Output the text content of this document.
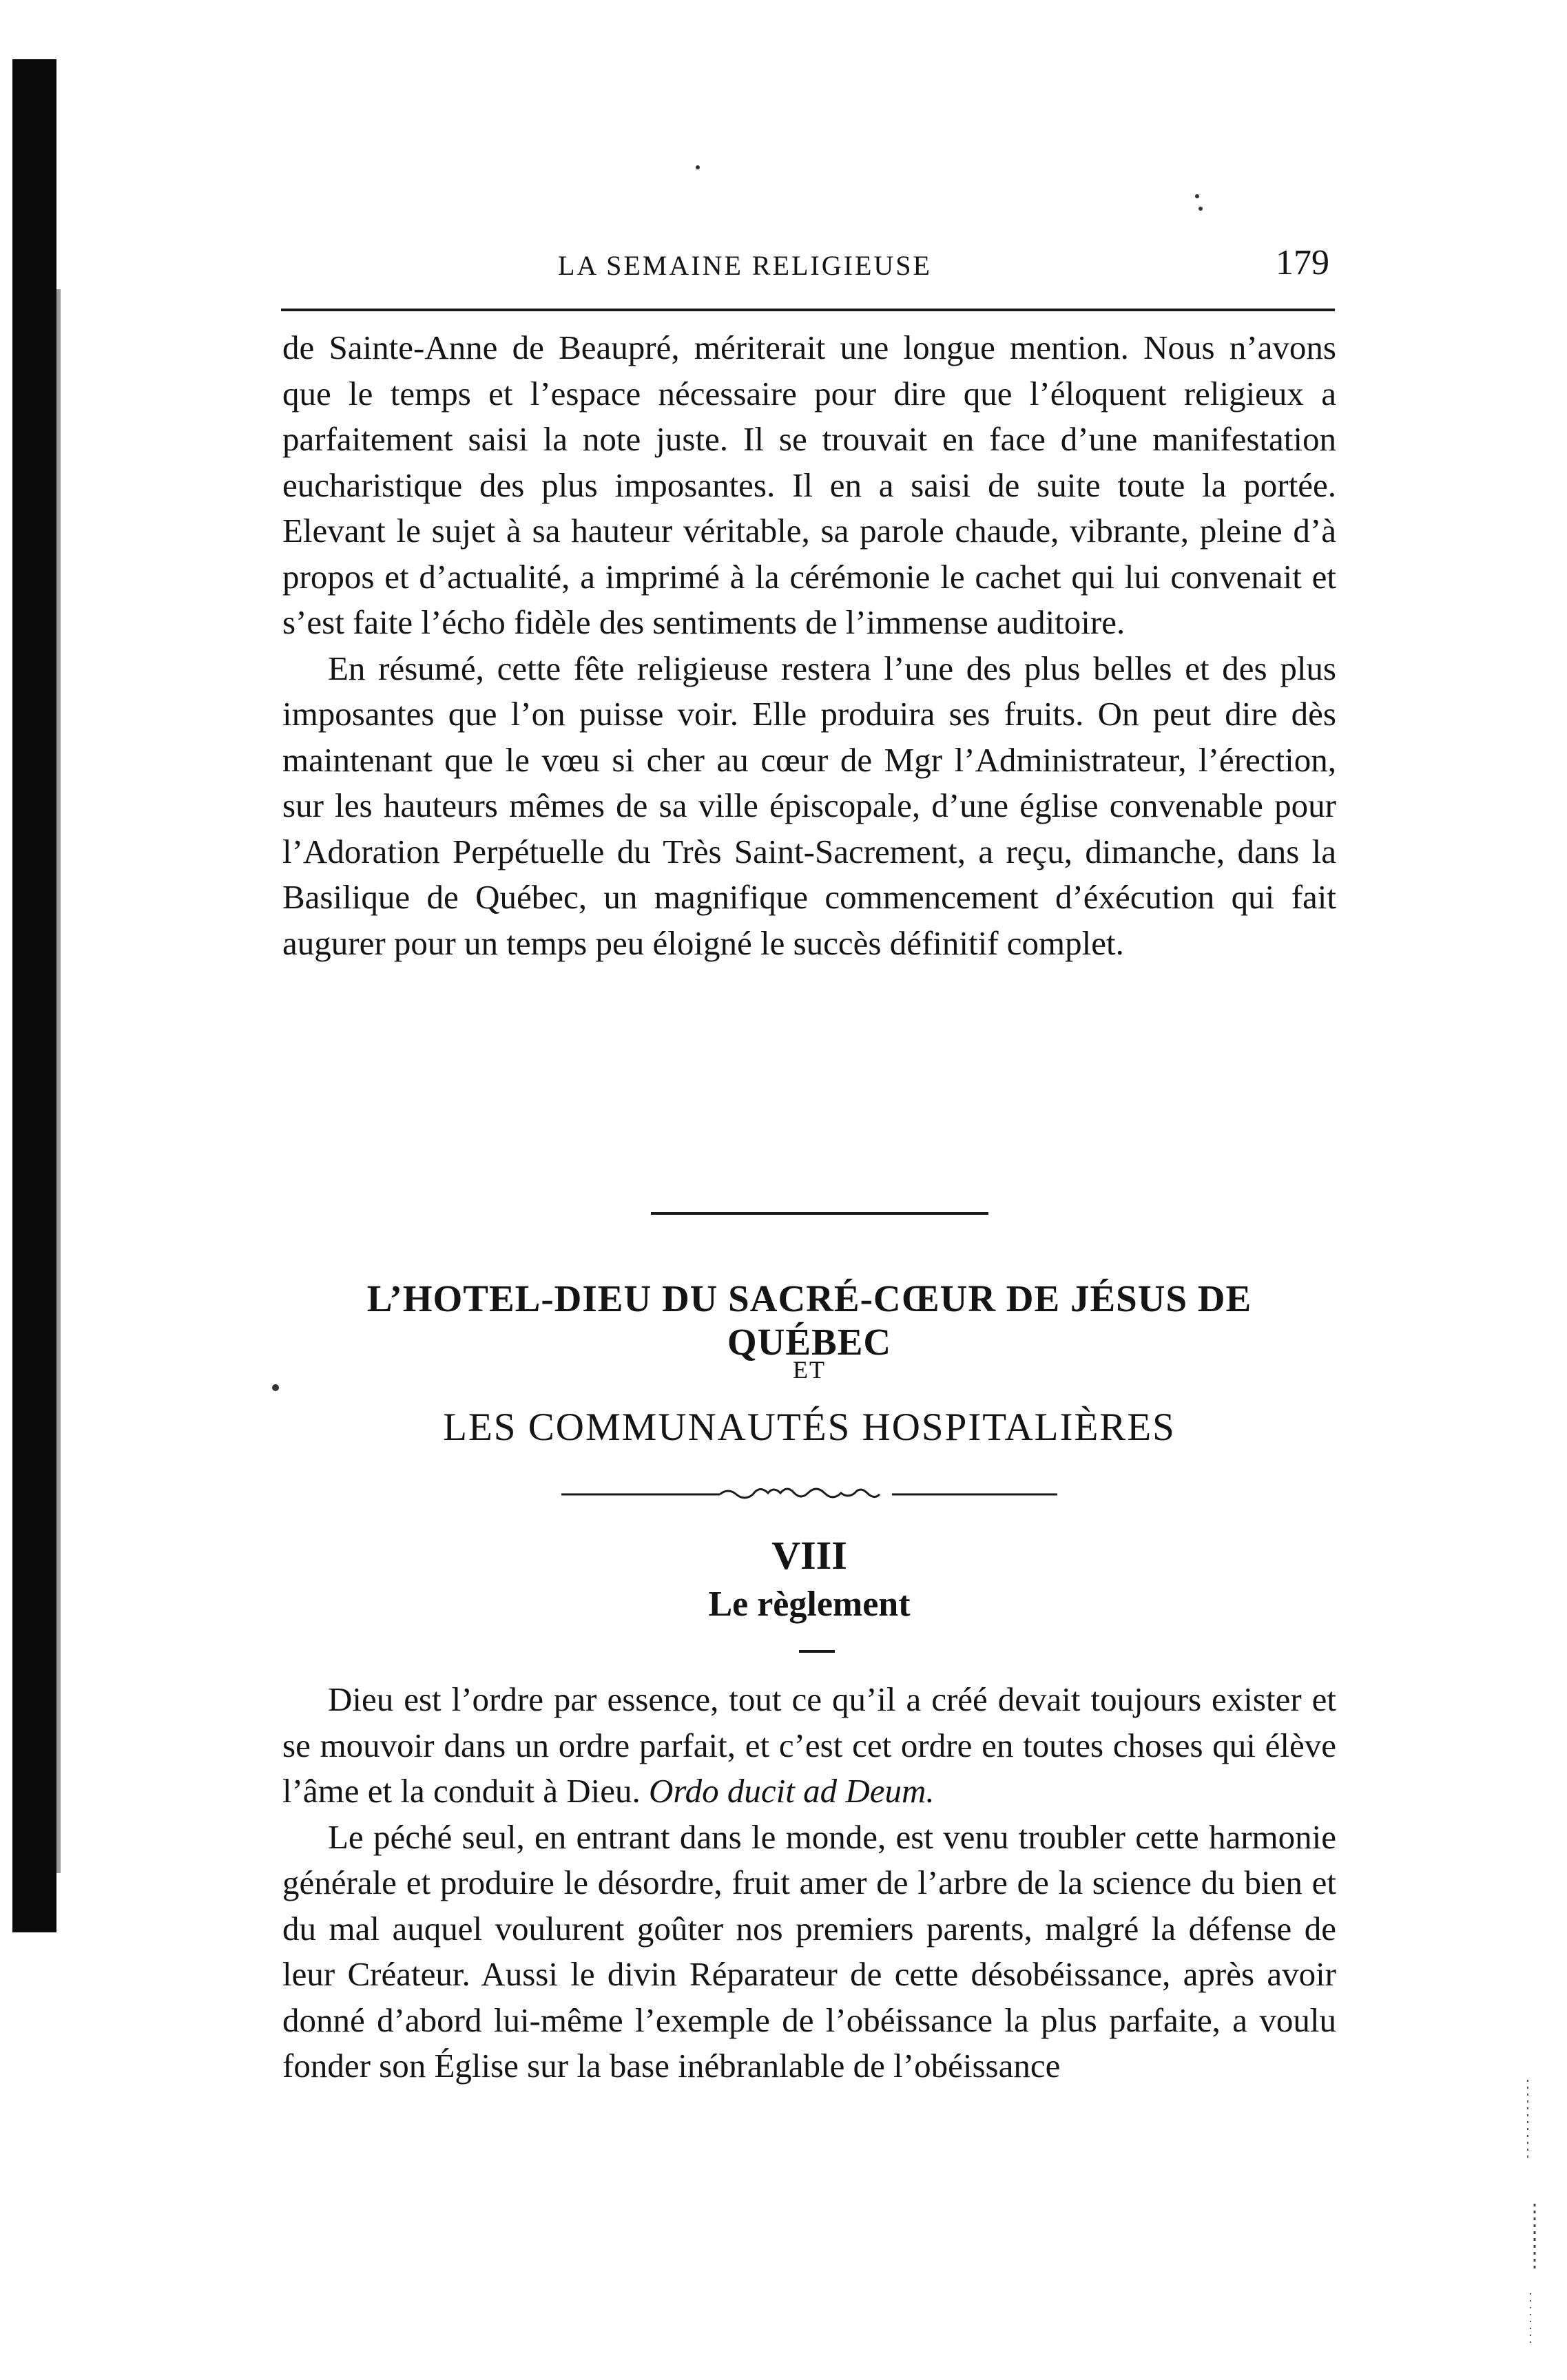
LA SEMAINE RELIGIEUSE	179

de Sainte-Anne de Beaupré, mériterait une longue mention. Nous n’avons que le temps et l’espace nécessaire pour dire que l’éloquent religieux a parfaitement saisi la note juste. Il se trouvait en face d’une manifestation eucharistique des plus imposantes. Il en a saisi de suite toute la portée. Elevant le sujet à sa hauteur véritable, sa parole chaude, vibrante, pleine d’à propos et d’actualité, a imprimé à la cérémonie le cachet qui lui convenait et s’est faite l’écho fidèle des sentiments de l’immense auditoire.

En résumé, cette fête religieuse restera l’une des plus belles et des plus imposantes que l’on puisse voir. Elle produira ses fruits. On peut dire dès maintenant que le vœu si cher au cœur de Mgr l’Administrateur, l’érection, sur les hauteurs mêmes de sa ville épiscopale, d’une église convenable pour l’Adoration Perpétuelle du Très Saint-Sacrement, a reçu, dimanche, dans la Basilique de Québec, un magnifique commencement d’éxécution qui fait augurer pour un temps peu éloigné le succès définitif complet.

L’HOTEL-DIEU DU SACRÉ-CŒUR DE JÉSUS DE QUÉBEC
ET
LES COMMUNAUTÉS HOSPITALIÈRES
VIII
Le règlement

Dieu est l’ordre par essence, tout ce qu’il a créé devait toujours exister et se mouvoir dans un ordre parfait, et c’est cet ordre en toutes choses qui élève l’âme et la conduit à Dieu. Ordo ducit ad Deum.

Le péché seul, en entrant dans le monde, est venu troubler cette harmonie générale et produire le désordre, fruit amer de l’arbre de la science du bien et du mal auquel voulurent goûter nos premiers parents, malgré la défense de leur Créateur. Aussi le divin Réparateur de cette désobéissance, après avoir donné d’abord lui-même l’exemple de l’obéissance la plus parfaite, a voulu fonder son Église sur la base inébranlable de l’obéissance
